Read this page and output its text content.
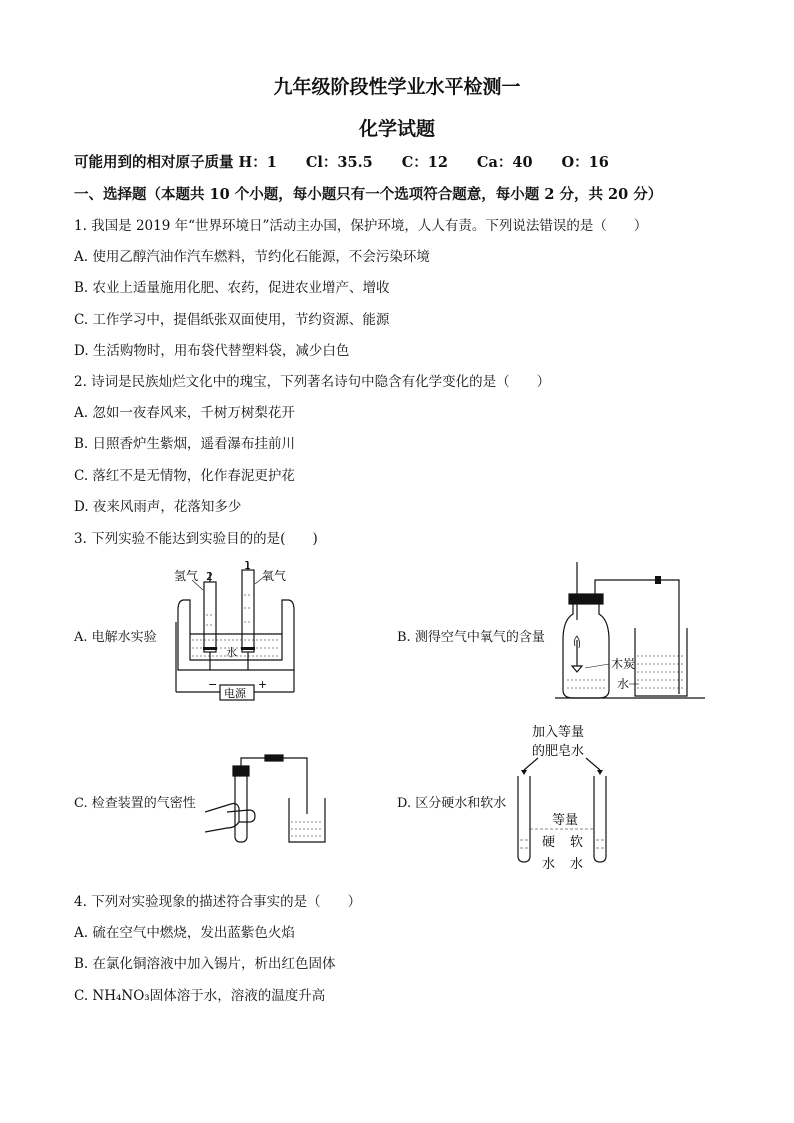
九年级阶段性学业水平检测一
化学试题
可能用到的相对原子质量 H：1　　Cl：35.5　　C：12　　Ca：40　　O：16
一、选择题（本题共 10 个小题，每小题只有一个选项符合题意，每小题 2 分，共 20 分）
1. 我国是 2019 年“世界环境日”活动主办国，保护环境，人人有责。下列说法错误的是（　　）
A. 使用乙醇汽油作汽车燃料，节约化石能源，不会污染环境
B. 农业上适量施用化肥、农药，促进农业增产、增收
C. 工作学习中，提倡纸张双面使用，节约资源、能源
D. 生活购物时，用布袋代替塑料袋，减少白色
2. 诗词是民族灿烂文化中的瑰宝，下列著名诗句中隐含有化学变化的是（　　）
A. 忽如一夜春风来，千树万树梨花开
B. 日照香炉生紫烟，遥看瀑布挂前川
C. 落红不是无情物，化作春泥更护花
D. 夜来风雨声，花落知多少
3. 下列实验不能达到实验目的的是(　　)
A. 电解水实验	B. 测得空气中氧气的含量
C. 检查装置的气密性	D. 区分硬水和软水
氢气 2
1
氧气
水
−	+
电源
木炭
水
加入等量
的肥皂水
等量
硬
水
软
水
4. 下列对实验现象的描述符合事实的是（　　）
A. 硫在空气中燃烧，发出蓝紫色火焰
B. 在氯化铜溶液中加入锡片，析出红色固体
C. NH₄NO₃固体溶于水，溶液的温度升高
